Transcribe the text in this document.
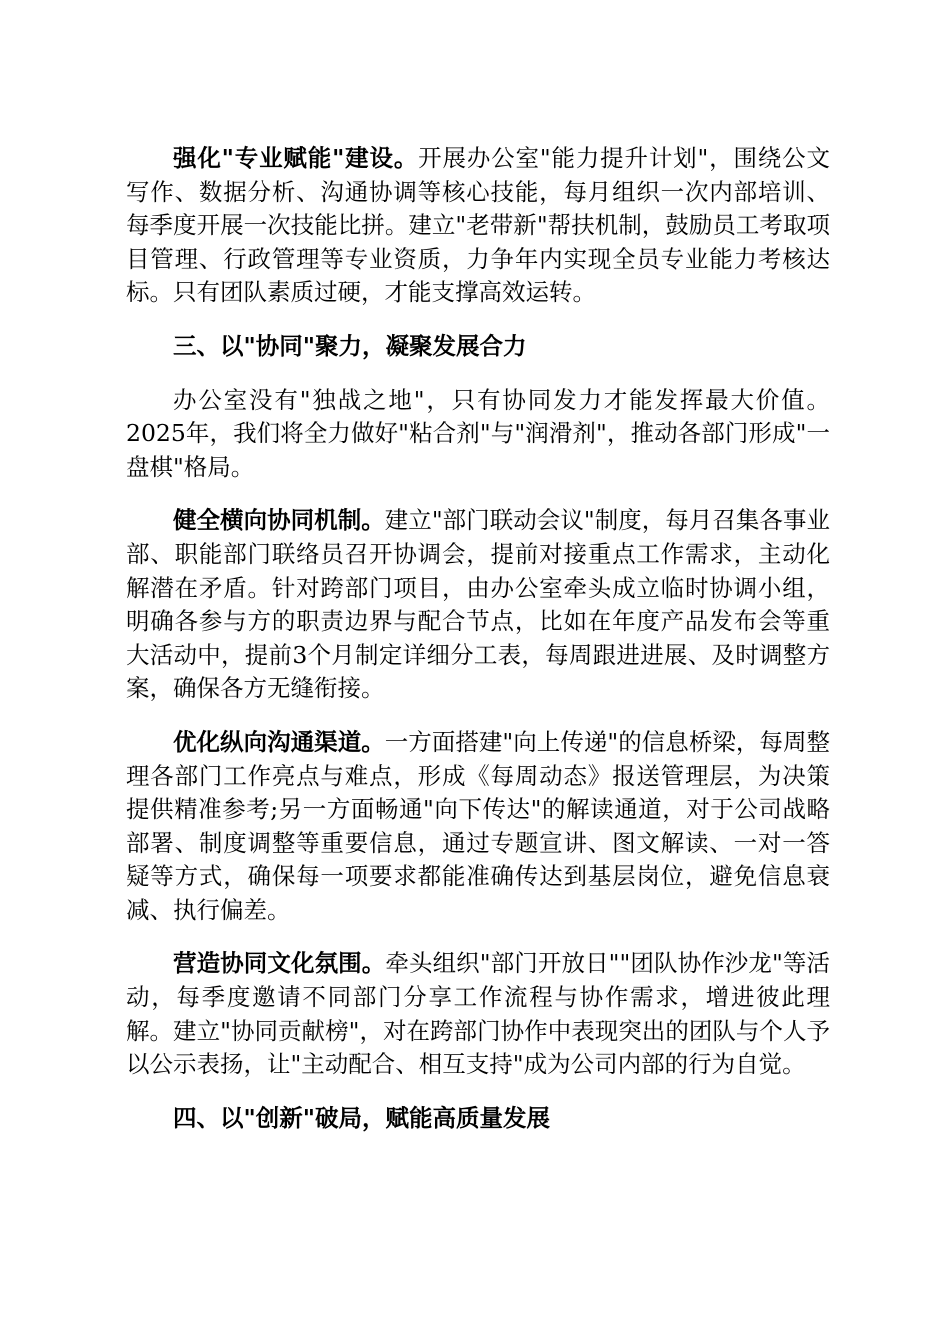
强化"专业赋能"建设。开展办公室"能力提升计划"，围绕公文写作、数据分析、沟通协调等核心技能，每月组织一次内部培训、每季度开展一次技能比拼。建立"老带新"帮扶机制，鼓励员工考取项目管理、行政管理等专业资质，力争年内实现全员专业能力考核达标。只有团队素质过硬，才能支撑高效运转。

三、以"协同"聚力，凝聚发展合力

办公室没有"独战之地"，只有协同发力才能发挥最大价值。2025年，我们将全力做好"粘合剂"与"润滑剂"，推动各部门形成"一盘棋"格局。

健全横向协同机制。建立"部门联动会议"制度，每月召集各事业部、职能部门联络员召开协调会，提前对接重点工作需求，主动化解潜在矛盾。针对跨部门项目，由办公室牵头成立临时协调小组，明确各参与方的职责边界与配合节点，比如在年度产品发布会等重大活动中，提前3个月制定详细分工表，每周跟进进展、及时调整方案，确保各方无缝衔接。

优化纵向沟通渠道。一方面搭建"向上传递"的信息桥梁，每周整理各部门工作亮点与难点，形成《每周动态》报送管理层，为决策提供精准参考;另一方面畅通"向下传达"的解读通道，对于公司战略部署、制度调整等重要信息，通过专题宣讲、图文解读、一对一答疑等方式，确保每一项要求都能准确传达到基层岗位，避免信息衰减、执行偏差。

营造协同文化氛围。牵头组织"部门开放日""团队协作沙龙"等活动，每季度邀请不同部门分享工作流程与协作需求，增进彼此理解。建立"协同贡献榜"，对在跨部门协作中表现突出的团队与个人予以公示表扬，让"主动配合、相互支持"成为公司内部的行为自觉。

四、以"创新"破局，赋能高质量发展
